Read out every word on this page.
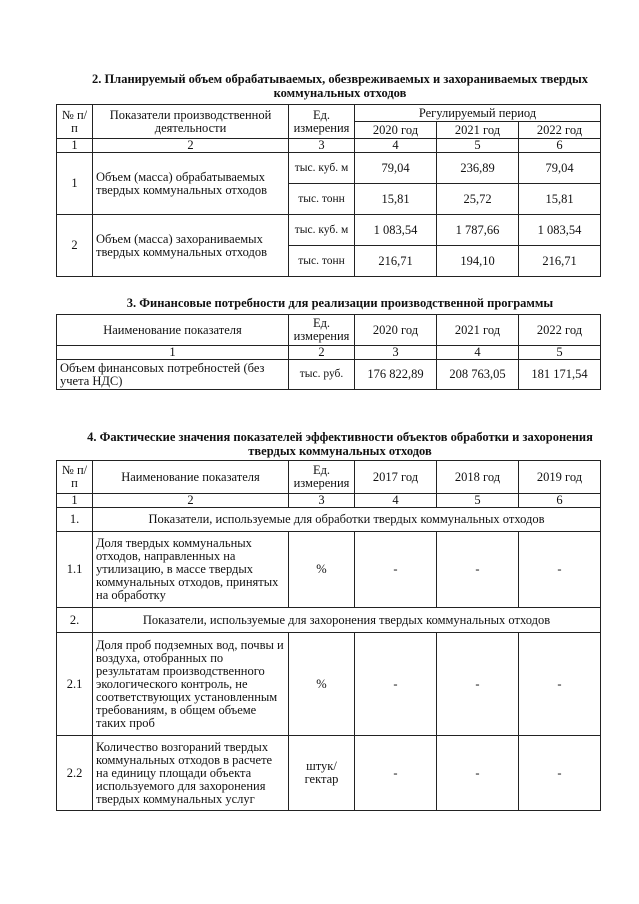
2. Планируемый объем обрабатываемых, обезвреживаемых и захораниваемых твердых
коммунальных отходов
№ п/п	Показатели производственной деятельности	Ед. измерения	Регулируемый период		
			2020 год	2021 год	2022 год
1	2	3	4	5	6
1	Объем (масса) обрабатываемых твердых коммунальных отходов	тыс. куб. м	79,04	236,89	79,04
		тыс. тонн	15,81	25,72	15,81
2	Объем (масса) захораниваемых твердых коммунальных отходов	тыс. куб. м	1 083,54	1 787,66	1 083,54
		тыс. тонн	216,71	194,10	216,71
3. Финансовые потребности для реализации производственной программы
Наименование показателя	Ед. измерения	2020 год	2021 год	2022 год
1	2	3	4	5
Объем финансовых потребностей (без учета НДС)	тыс. руб.	176 822,89	208 763,05	181 171,54
4. Фактические значения показателей эффективности объектов обработки и захоронения
твердых коммунальных отходов
№ п/п	Наименование показателя	Ед. измерения	2017 год	2018 год	2019 год
1	2	3	4	5	6
1.	Показатели, используемые для обработки твердых коммунальных отходов				
1.1	Доля твердых коммунальных отходов, направленных на утилизацию, в массе твердых коммунальных отходов, принятых на обработку	%	-	-	-
2.	Показатели, используемые для захоронения твердых коммунальных отходов				
2.1	Доля проб подземных вод, почвы и воздуха, отобранных по результатам производственного экологического контроль, не соответствующих установленным требованиям, в общем объеме таких проб	%	-	-	-
2.2	Количество возгораний твердых коммунальных отходов в расчете на единицу площади объекта используемого для захоронения твердых коммунальных услуг	штук/ гектар	-	-	-
